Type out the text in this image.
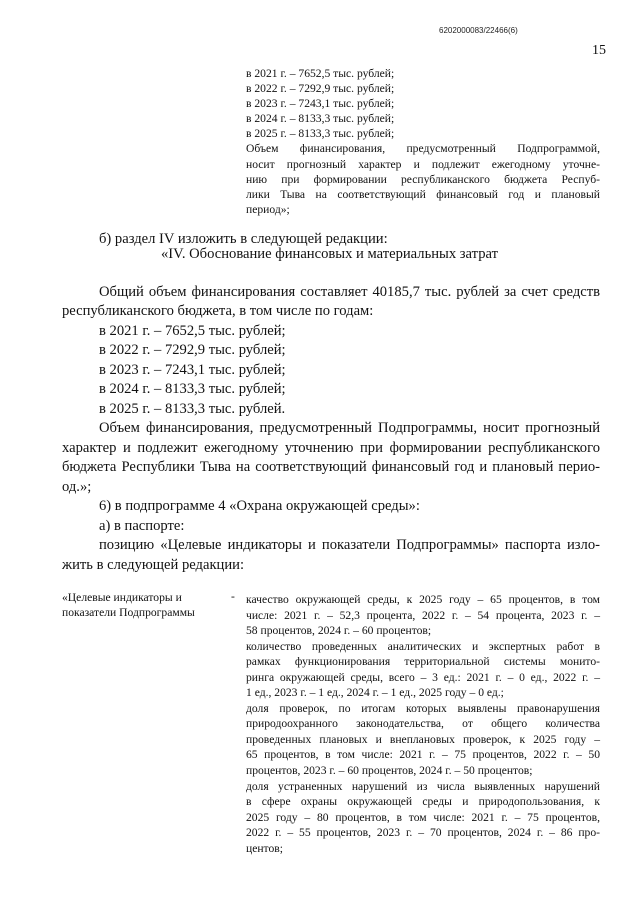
6202000083/22466(6)
15
в 2021 г. – 7652,5 тыс. рублей;
в 2022 г. – 7292,9 тыс. рублей;
в 2023 г. – 7243,1 тыс. рублей;
в 2024 г. – 8133,3 тыс. рублей;
в 2025 г. – 8133,3 тыс. рублей;
Объем финансирования, предусмотренный Подпрограммой,
носит прогнозный характер и подлежит ежегодному уточне-
нию при формировании республиканского бюджета Респуб-
лики Тыва на соответствующий финансовый год и плановый
период»;
б) раздел IV изложить в следующей редакции:
«IV. Обоснование финансовых и материальных затрат
Общий объем финансирования составляет 40185,7 тыс. рублей за счет средств
республиканского бюджета, в том числе по годам:
в 2021 г. – 7652,5 тыс. рублей;
в 2022 г. – 7292,9 тыс. рублей;
в 2023 г. – 7243,1 тыс. рублей;
в 2024 г. – 8133,3 тыс. рублей;
в 2025 г. – 8133,3 тыс. рублей.
Объем финансирования, предусмотренный Подпрограммы, носит прогнозный
характер и подлежит ежегодному уточнению при формировании республиканского
бюджета Республики Тыва на соответствующий финансовый год и плановый перио-
од.»;
6) в подпрограмме 4 «Охрана окружающей среды»:
а) в паспорте:
позицию «Целевые индикаторы и показатели Подпрограммы» паспорта изло-
жить в следующей редакции:
«Целевые индикаторы и
показатели Подпрограммы
- качество окружающей среды, к 2025 году – 65 процентов, в том
числе: 2021 г. – 52,3 процента, 2022 г. – 54 процента, 2023 г. –
58 процентов, 2024 г. – 60 процентов;
количество проведенных аналитических и экспертных работ в
рамках функционирования территориальной системы монито-
ринга окружающей среды, всего – 3 ед.: 2021 г. – 0 ед., 2022 г. –
1 ед., 2023 г. – 1 ед., 2024 г. – 1 ед., 2025 году – 0 ед.;
доля проверок, по итогам которых выявлены правонарушения
природоохранного законодательства, от общего количества
проведенных плановых и внеплановых проверок, к 2025 году –
65 процентов, в том числе: 2021 г. – 75 процентов, 2022 г. – 50
процентов, 2023 г. – 60 процентов, 2024 г. – 50 процентов;
доля устраненных нарушений из числа выявленных нарушений
в сфере охраны окружающей среды и природопользования, к
2025 году – 80 процентов, в том числе: 2021 г. – 75 процентов,
2022 г. – 55 процентов, 2023 г. – 70 процентов, 2024 г. – 86 про-
центов;
